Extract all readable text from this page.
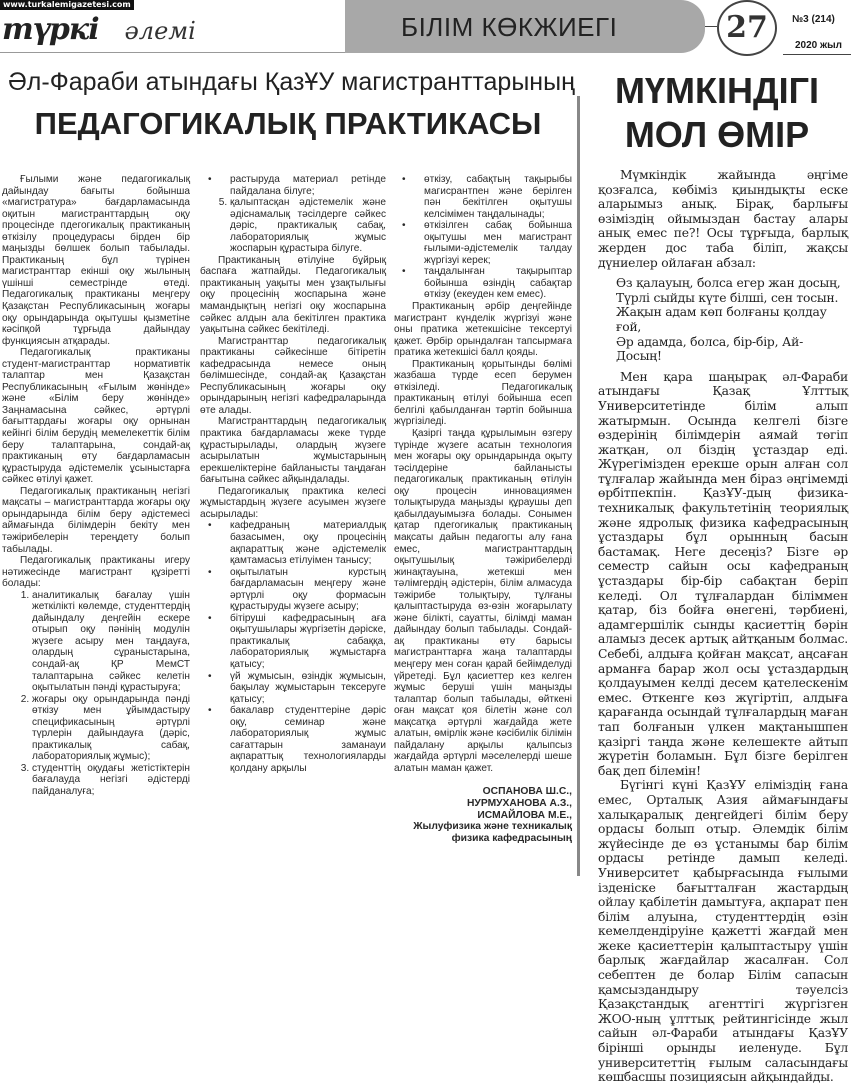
www.turkalemigazetesi.com
түркі әлемі	БІЛІМ КӨКЖИЕГІ	27	№3 (214)
2020 жыл
Әл-Фараби атындағы ҚазҰУ магистранттарының
ПЕДАГОГИКАЛЫҚ ПРАКТИКАСЫ
МҮМКІНДІГІ
МОЛ ӨМІР

Ғылыми және педагогикалық дайындау бағыты бойынша «магистратура» бағдарламасында оқитын магистранттардың оқу процесінде пдегогикалық практиканың өткізілу процедурасы бірден бір маңызды бөлшек болып табылады. Практиканың бұл түрінен магистранттар екінші оқу жылының үшінші семестрінде өтеді. Педагогикалық практиканы меңгеру Қазақстан Республикасының жоғары оқу орындарында оқытушы қызметіне кәсіпқой тұрғыда дайындау функциясын атқарады.

Педагогикалық практиканы студент-магистранттар нормативтік талаптар мен Қазақстан Республикасының «Ғылым жөнінде» және «Білім беру жөнінде» Заңнамасына сәйкес, әртүрлі бағыттардағы жоғары оқу орнынан кейінгі білім берудің мемелекеттік білім беру талаптарына, сондай-ақ практиканың өту бағдарламасын құрастыруда әдістемелік ұсыныстарға сәйкес өтілуі қажет.

Педагогикалық практиканың негізгі мақсаты – магистранттарда жоғары оқу орындарында білім беру әдістемесі аймағында білімдерін бекіту мен тәжірибелерін тереңдету болып табылады.

Педагогикалық практиканы игеру нәтижесінде магистрант құзіретті болады:

1. аналитикалық бағалау үшін жеткілікті көлемде, студенттердің дайындалу деңгейін ескере отырып оқу пәнінің модулін жүзеге асыру мен таңдауға, олардың сұраныстарына, сондай-ақ ҚР МемСТ талаптарына сәйкес келетін оқытылатын пәнді құрастыруға;
2. жоғары оқу орындарында пәнді өткізу мен ұйымдастыру спецификасының әртүрлі түрлерін дайындауға (дәріс, практикалық сабақ, лабораториялық жұмыс);
3. студенттің оқудағы жетістіктерін бағалауда негізгі әдістерді пайданалуға;
• растыруда материал ретінде пайдалана білуге;
5. қалыптасқан әдістемелік және әдіснамалық тәсілдерге сәйкес дәріс, практикалық сабақ, лабораториялық жұмыс жоспарын құрастыра білуге.

Практиканың өтілуіне бұйрық баспаға жатпайды. Педагогикалық практиканың уақыты мен ұзақтылығы оқу процесінің жоспарына және мамандықтың негізгі оқу жоспарына сәйкес алдын ала бекітілген практика уақытына сәйкес бекітіледі.

Магистранттар педагогикалық практиканы сәйкесінше бітіретін кафедрасында немесе оның бөлімшесінде, сондай-ақ Қазақстан Республикасының жоғары оқу орындарының негізгі кафедраларында өте алады.

Магистранттардың педагогикалық практика бағдарламасы жеке түрде құрастырылады, олардың жүзеге асырылатын жұмыстарының ерекшеліктеріне байланысты таңдаған бағытына сәйкес айқындалады.

Педагогикалық практика келесі жұмыстардың жүзеге асуымен жүзеге асырылады:

• кафедраның материалдық базасымен, оқу процесінің ақпараттық және әдістемелік қамтамасыз етілуімен танысу;
• оқытылатын курстың бағдарламасын меңгеру және әртүрлі оқу формасын құрастыруды жүзеге асыру;
• бітіруші кафедрасының аға оқытушылары жүргізетін дәріске, практикалық сабаққа, лабораториялық жұмыстарға қатысу;
• үй жұмысын, өзіндік жұмысын, бақылау жұмыстарын тексеруге қатысу;
• бакалавр студенттеріне дәріс оқу, семинар және лабораториялық жұмыс сағаттарын заманауи ақпараттық технологияларды қолдану арқылы
• өткізу, сабақтың тақырыбы магисрантпен және берілген пән бекітілген оқытушы келсімімен таңдалынады;
• өткізілген сабақ бойынша оқытушы мен магистрант ғылыми-әдістемелік талдау жүргізуі керек;
• таңдалынған тақырыптар бойынша өзіндің сабақтар өткізу (екеуден кем емес).

Практиканың әрбір деңгейінде магистрант күнделік жүргізуі және оны пратика жетекшісіне тексертуі қажет. Әрбір орындалған тапсырмаға пратика жетекшісі балл қояды.

Практиканың қорытынды бөлімі жазбаша түрде есеп берумен өткізіледі. Педагогикалық практиканың өтілуі бойынша есеп белгілі қабылданған тәртіп бойынша жүргізіледі.

Қазіргі таңда құрылымын өзгеру түрінде жүзеге асатын технология мен жоғары оқу орындарында оқыту тәсілдеріне байланысты педагогикалық практиканың өтілуін оқу процесін инновациямен толықтыруда маңызды құраушы деп қабылдауымызға болады. Сонымен қатар пдегогикалық практиканың мақсаты дайын педагогты алу ғана емес, магистранттардың оқытушылық тәжірибелерді жинақтауына, жетекші мен тәлімгердің әдістерін, білім алмасуда тәжірибе толықтыру, тұлғаны қалыптастыруда өз-өзін жоғарылату және білікті, сауатты, білімді маман дайындау болып табылады. Сондай-ақ практиканы өту барысы магистранттарға жаңа талаптарды меңгеру мен соған қарай бейімделуді үйретеді. Бұл қасиеттер кез келген жұмыс беруші үшін маңызды талаптар болып табылады, өйткені оған мақсат қоя білетін және сол мақсатқа әртүрлі жағдайда жете алатын, өмірлік және кәсібилік білімін пайдалану арқылы қалыпсыз жағдайда әртүрлі мәселелерді шеше алатын маман қажет.

ОСПАНОВА Ш.С.,
НУРМУХАНОВА А.З.,
ИСМАЙЛОВА М.Е.,
Жылуфизика және техникалық
физика кафедрасының

Мүмкіндік жайында әңгіме қозғалса, көбіміз қиындықты еске аларымыз анық. Бірақ, барлығы өзіміздің ойымыздан бастау алары анық емес пе?! Осы тұрғыда, барлық жерден дос таба біліп, жақсы дүниелер ойлаған абзал:

Өз қалауың, болса егер жан досың,
Түрлі сыйды күте білші, сен тосын.
Жақын адам көп болғаны қолдау ғой,
Әр адамда, болса, бір-бір, Ай-Досың!

Мен қара шаңырақ әл-Фараби атындағы Қазақ Ұлттық Университетінде білім алып жатырмын. Осында келгелі бізге өздерінің білімдерін аямай төгіп жатқан, ол біздің ұстаздар еді. Жүрегімізден ерекше орын алған сол тұлғалар жайында мен біраз әңгімемді өрбітпекпін. ҚазҰУ-дың физика-техникалық факультетінің теориялық және ядролық физика кафедрасының ұстаздары бұл орынның басын бастамақ. Неге десеңіз? Бізге әр семестр сайын осы кафедраның ұстаздары бір-бір сабақтан беріп келеді. Ол тұлғалардан біліммен қатар, біз бойға өнегені, тәрбиені, адамгершілік сынды қасиеттің бәрін аламыз десек артық айтқаным болмас. Себебі, алдыға қойған мақсат, аңсаған арманға барар жол осы ұстаздардың қолдауымен келді десем қателескенім емес. Өткенге көз жүгіртіп, алдыға қарағанда осындай тұлғалардың маған тап болғанын үлкен мақтанышпен қазіргі таңда және келешекте айтып жүретін боламын. Бұл бізге берілген бақ деп білемін!

Бүгінгі күні ҚазҰУ еліміздің ғана емес, Орталық Азия аймағындағы халықаралық деңгейдегі білім беру ордасы болып отыр. Әлемдік білім жүйесінде де өз ұстанымы бар білім ордасы ретінде дамып келеді. Университет қабырғасында ғылыми ізденіске бағытталған жастардың ойлау қабілетін дамытуға, ақпарат пен білім алуына, студенттердің өзін кемелдендіруіне қажетті жағдай мен жеке қасиеттерін қалыптастыру үшін барлық жағдайлар жасалған. Сол себептен де болар Білім сапасын қамсыздандыру тәуелсіз Қазақстандық агенттігі жүргізген ЖОО-ның ұлттық рейтингісінде жыл сайын әл-Фараби атындағы ҚазҰУ бірінші орынды иеленуде. Бұл университеттің ғылым саласындағы көшбасшы позициясын айқындайды.
